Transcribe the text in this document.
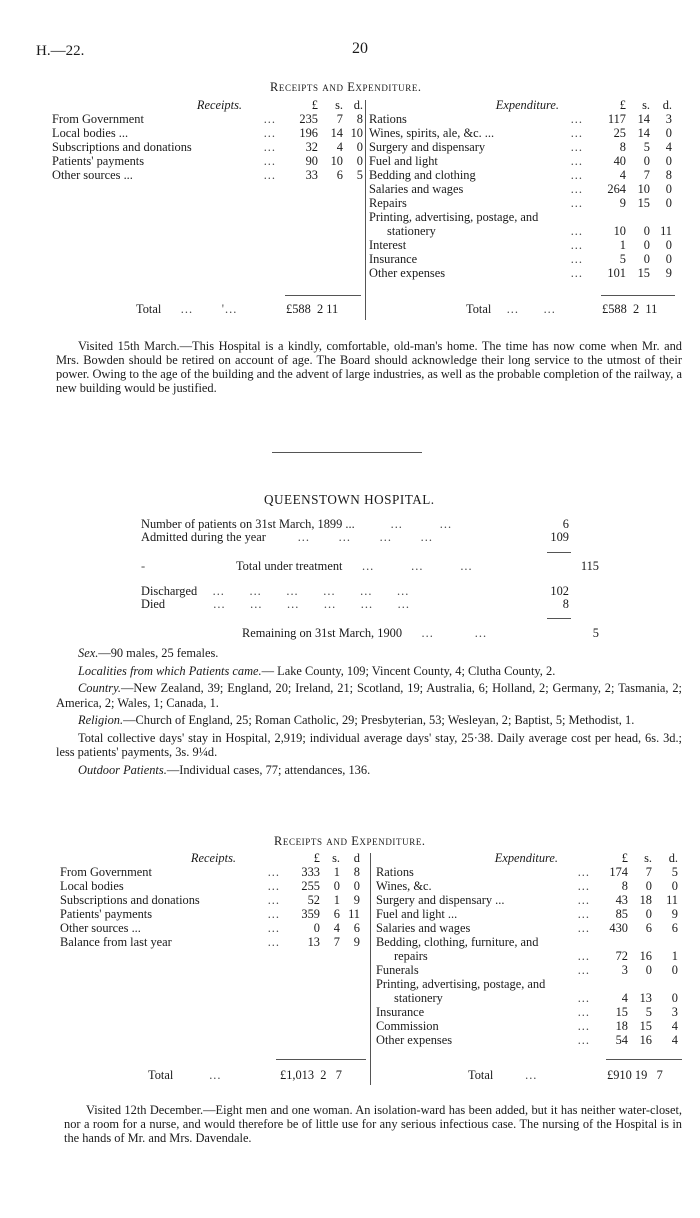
H.—22.	20
Receipts and Expenditure.
Receipts.	£	s.	d.
From Government ...	235	7	8
Local bodies ... ...	196	14	10
Subscriptions and donations ...	32	4	0
Patients' payments ...	90	10	0
Other sources ... ...	33	6	5
Expenditure.	£	s.	d.
Rations ...	117	14	3
Wines, spirits, ale, &c. ... ...	25	14	0
Surgery and dispensary ...	8	5	4
Fuel and light ...	40	0	0
Bedding and clothing ...	4	7	8
Salaries and wages ...	264	10	0
Repairs ...	9	15	0
Printing, advertising, postage, and			
stationery ...	10	0	11
Interest ...	1	0	0
Insurance ...	5	0	0
Other expenses ...	101	15	9
Total     ...       '...	£588 2 11	Total    ...      ...	£588 2 11

Visited 15th March.—This Hospital is a kindly, comfortable, old-man's home. The time has now come when Mr. and Mrs. Bowden should be retired on account of age. The Board should acknowledge their long service to the utmost of their power. Owing to the age of the building and the advent of large industries, as well as the probable completion of the railway, a new building would be justified.

QUEENSTOWN HOSPITAL.
Number of patients on 31st March, 1899 ...         ...         ...	6
Admitted during the year        ...       ...       ...       ...	109
-	Total under treatment     ...         ...         ...	115
Discharged    ...      ...      ...      ...      ...      ...	102
Died            ...      ...      ...      ...      ...      ...	8
Remaining on 31st March, 1900     ...          ...	5

Sex.—90 males, 25 females.

Localities from which Patients came.— Lake County, 109; Vincent County, 4; Clutha County, 2.

Country.—New Zealand, 39; England, 20; Ireland, 21; Scotland, 19; Australia, 6; Holland, 2; Germany, 2; Tasmania, 2; America, 2; Wales, 1; Canada, 1.

Religion.—Church of England, 25; Roman Catholic, 29; Presbyterian, 53; Wesleyan, 2; Baptist, 5; Methodist, 1.

Total collective days' stay in Hospital, 2,919; individual average days' stay, 25·38. Daily average cost per head, 6s. 3d.; less patients' payments, 3s. 9¼d.

Outdoor Patients.—Individual cases, 77; attendances, 136.

Receipts and Expenditure.
Receipts.	£	s.	d
From Government ...	333	1	8
Local bodies ...	255	0	0
Subscriptions and donations ...	52	1	9
Patients' payments ...	359	6	11
Other sources ... ...	0	4	6
Balance from last year ...	13	7	9
Expenditure.	£	s.	d.
Rations ...	174	7	5
Wines, &c. ...	8	0	0
Surgery and dispensary ... ...	43	18	11
Fuel and light ... ...	85	0	9
Salaries and wages ...	430	6	6
Bedding, clothing, furniture, and			
repairs ...	72	16	1
Funerals ...	3	0	0
Printing, advertising, postage, and			
stationery ...	4	13	0
Insurance ...	15	5	3
Commission ...	18	15	4
Other expenses ...	54	16	4
Total         ...	£1,013 2 7	Total        ...	£910 19 7

Visited 12th December.—Eight men and one woman. An isolation-ward has been added, but it has neither water-closet, nor a room for a nurse, and would therefore be of little use for any serious infectious case. The nursing of the Hospital is in the hands of Mr. and Mrs. Davendale.
